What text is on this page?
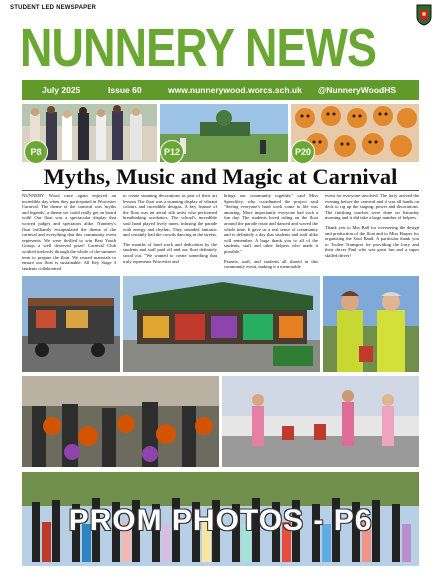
STUDENT LED NEWSPAPER
NUNNERY NEWS
July 2025	Issue 60	www.nunnerywood.worcs.sch.uk @NunneryWoodHS
P8	P12	P20
Myths, Music and Magic at Carnival

NUNNERY Wood once again enjoyed an incredible day when they participated in Worcester Carnival. The theme of the carnival was 'myths and legends', a theme we could really get on board with! Our float was a spectacular display that wowed judges and spectators alike. Nunnery's float brilliantly encapsulated the theme of the carnival and everything that this community event represents. We were thrilled to win Best Youth Group, a well deserved prize! Carnival Club worked tirelessly through the whole of the summer term to prepare the float. We reused materials to ensure our float is sustainable. All Key Stage 3 students collaborated

to create stunning decorations as part of their art lessons The float was a stunning display of vibrant colours and incredible designs. A key feature of the float was an aerial silk artist who performed breathtaking acrobatics. The school's incredible soul band played lively tunes, infusing the parade with energy and rhythm. They sounded fantastic and certainly had the crowds dancing in the streets.

The months of hard work and dedication by the students and staff paid off and our float definitely stood out. "We wanted to create something that truly represents Worcester and

brings our community together," said Miss Speechley, who coordinated the project said "Seeing everyone's hard work come to life was amazing. More importantly everyone had such a fun day. The students loved riding on the float around the parade route and danced and waved the whole time. It gave us a real sense of community and is definitely a day that students and staff alike will remember. A huge thank you to all of the students, staff and other helpers who made it possible."

Parents, staff, and students all shared in this community event, making it a memorable

event for everyone involved. The lorry arrived the evening before the carnival and it was all hands on deck to rig up the staging, power and decorations. The finishing touches were done on Saturday morning and it did take a large number of helpers.

Thank you to Mrs Ball for overseeing the design and production of the float and to Miss Harper for organising the Soul Band. A particular thank you to Toolen Transport for providing the lorry and their driver Paul who was great fun and a super skilled driver!

PROM PHOTOS - P6
